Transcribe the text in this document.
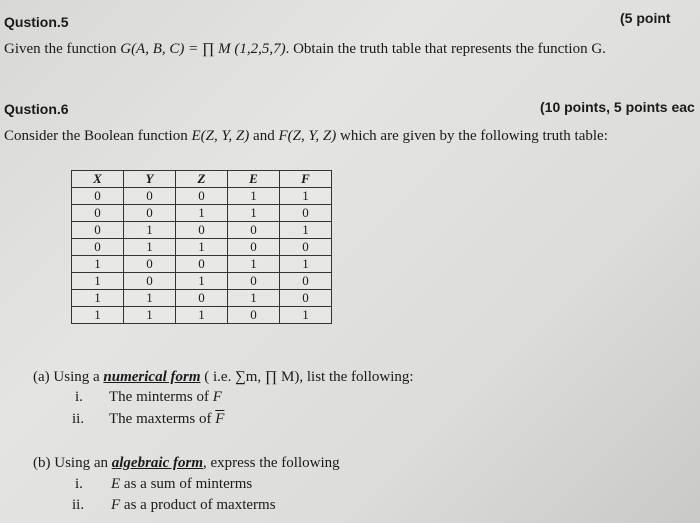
Qustion.5	(5 point
Given the function G(A, B, C) = ∏ M (1,2,5,7). Obtain the truth table that represents the function G.
Qustion.6	(10 points, 5 points eac
Consider the Boolean function E(Z, Y, Z) and F(Z, Y, Z) which are given by the following truth table:
X	Y	Z	E	F
0	0	0	1	1
0	0	1	1	0
0	1	0	0	1
0	1	1	0	0
1	0	0	1	1
1	0	1	0	0
1	1	0	1	0
1	1	1	0	1
(a) Using a numerical form ( i.e. ∑m, ∏ M), list the following:
i. The minterms of F
ii. The maxterms of $\overline{F}$
(b) Using an algebraic form, express the following
i. E as a sum of minterms
ii. F as a product of maxterms
